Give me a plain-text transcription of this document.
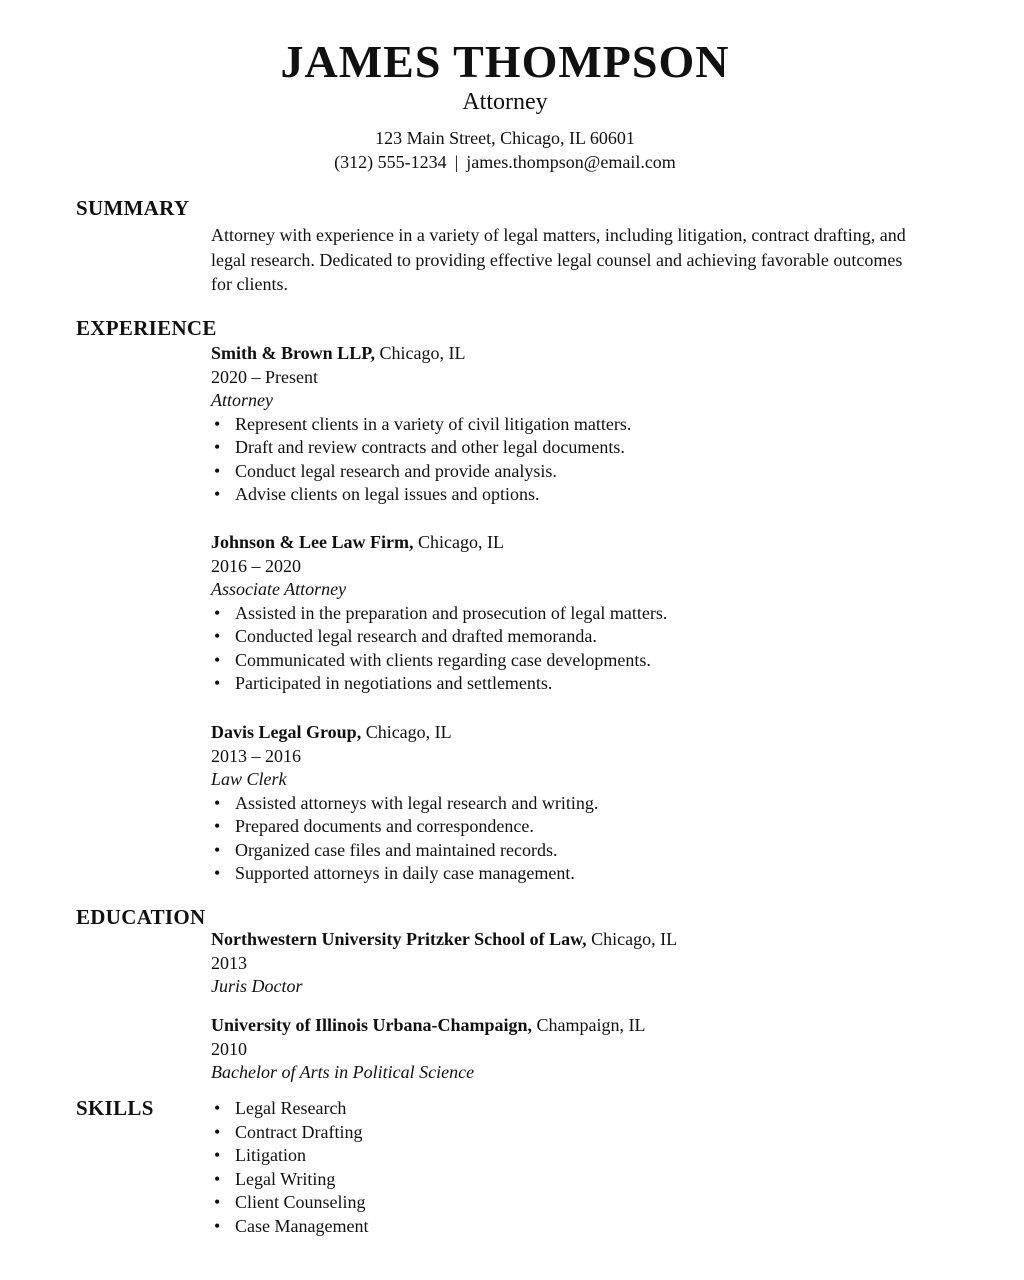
JAMES THOMPSON
Attorney
123 Main Street, Chicago, IL 60601
(312) 555-1234 | james.thompson@email.com
SUMMARY

Attorney with experience in a variety of legal matters, including litigation, contract drafting, and legal research. Dedicated to providing effective legal counsel and achieving favorable outcomes for clients.

EXPERIENCE
Smith & Brown LLP, Chicago, IL
2020 – Present
Attorney
• Represent clients in a variety of civil litigation matters.
• Draft and review contracts and other legal documents.
• Conduct legal research and provide analysis.
• Advise clients on legal issues and options.
Johnson & Lee Law Firm, Chicago, IL
2016 – 2020
Associate Attorney
• Assisted in the preparation and prosecution of legal matters.
• Conducted legal research and drafted memoranda.
• Communicated with clients regarding case developments.
• Participated in negotiations and settlements.
Davis Legal Group, Chicago, IL
2013 – 2016
Law Clerk
• Assisted attorneys with legal research and writing.
• Prepared documents and correspondence.
• Organized case files and maintained records.
• Supported attorneys in daily case management.
EDUCATION
Northwestern University Pritzker School of Law, Chicago, IL
2013
Juris Doctor
University of Illinois Urbana-Champaign, Champaign, IL
2010
Bachelor of Arts in Political Science
SKILLS
•	Legal Research
• Contract Drafting
• Litigation
• Legal Writing
• Client Counseling
• Case Management
